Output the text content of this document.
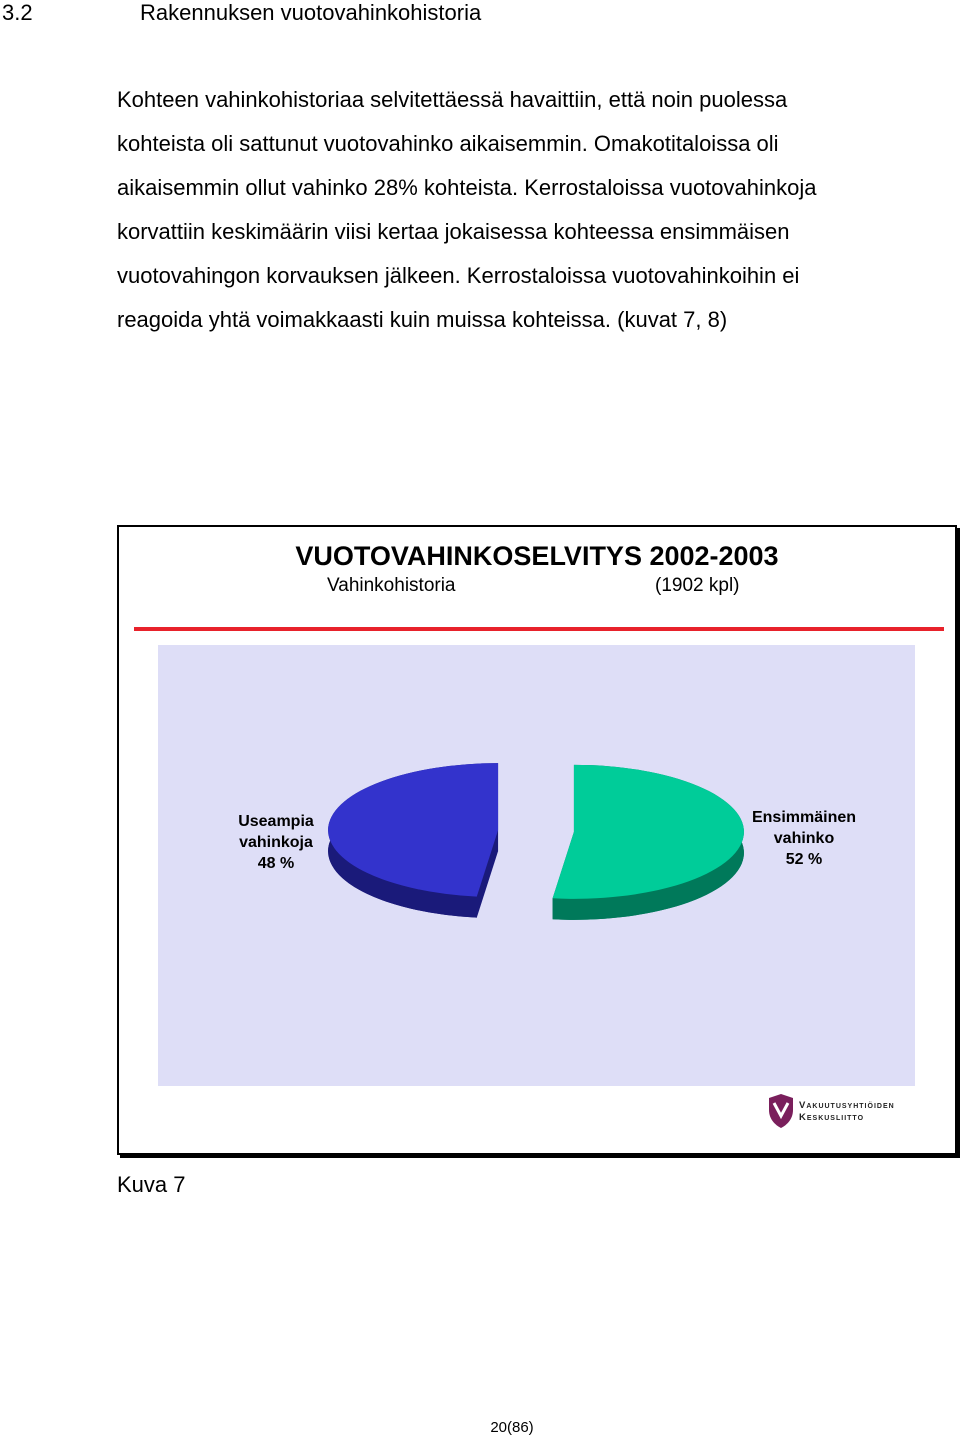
3.2	Rakennuksen vuotovahinkohistoria
Kohteen vahinkohistoriaa selvitettäessä havaittiin, että noin puolessa
kohteista oli sattunut vuotovahinko aikaisemmin. Omakotitaloissa oli
aikaisemmin ollut vahinko 28% kohteista. Kerrostaloissa vuotovahinkoja
korvattiin keskimäärin viisi kertaa jokaisessa kohteessa ensimmäisen
vuotovahingon korvauksen jälkeen. Kerrostaloissa vuotovahinkoihin ei
reagoida yhtä voimakkaasti kuin muissa kohteissa. (kuvat 7, 8)
VUOTOVAHINKOSELVITYS 2002-2003
Vahinkohistoria	(1902 kpl)
Useampia
vahinkoja
48 %
Ensimmäinen
vahinko
52 %
Vakuutusyhtiöiden
Keskusliitto
Kuva 7
20(86)
